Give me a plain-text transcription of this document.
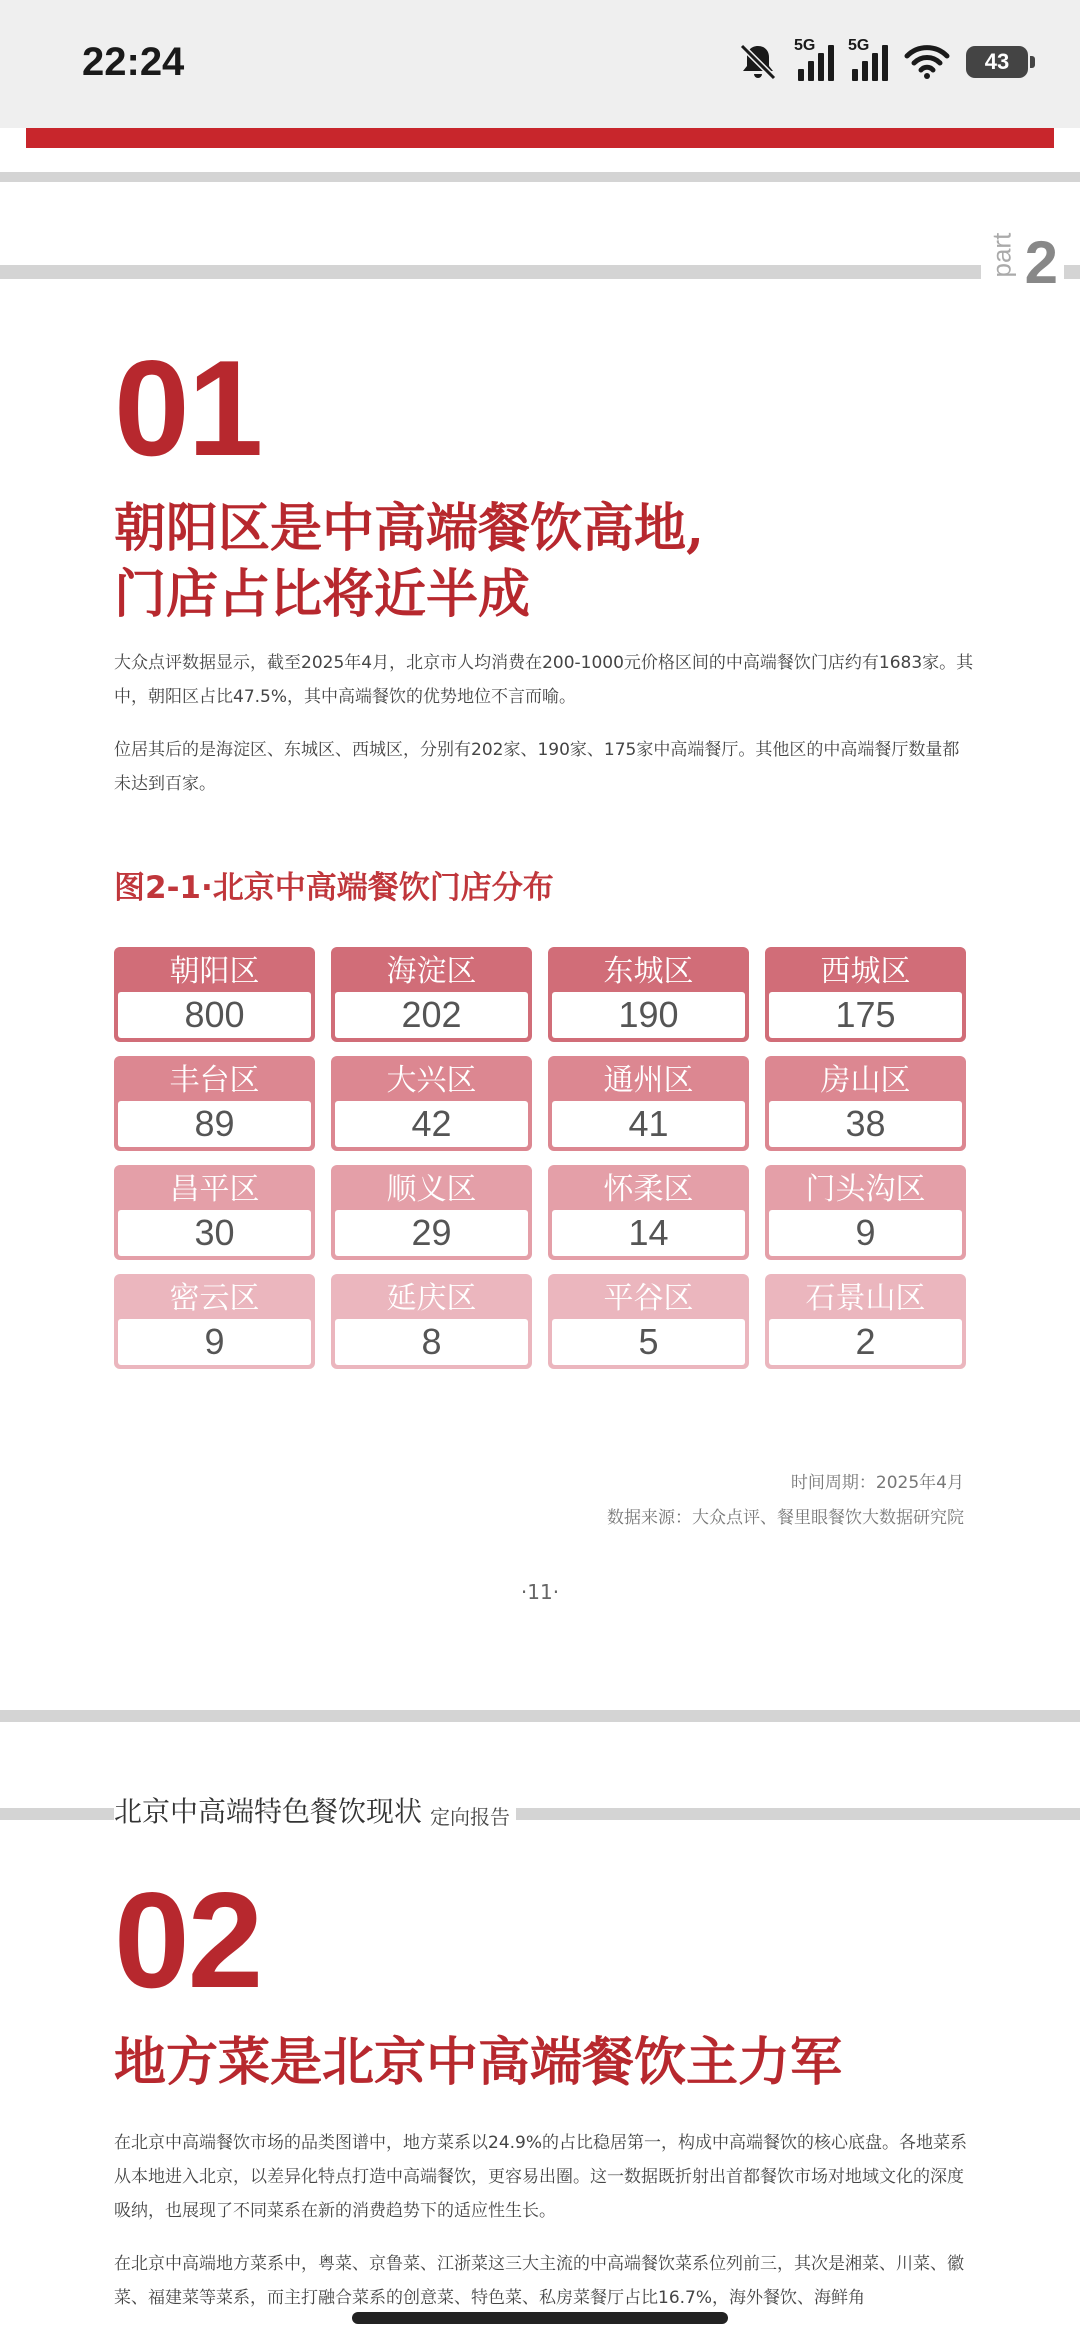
22:24	5G 5G
43
part 2
01
朝阳区是中高端餐饮高地,
门店占比将近半成
大众点评数据显示，截至2025年4月，北京市人均消费在200-1000元价格区间的中高端餐饮门店约有1683家。其中，朝阳区占比47.5%，其中高端餐饮的优势地位不言而喻。
位居其后的是海淀区、东城区、西城区，分别有202家、190家、175家中高端餐厅。其他区的中高端餐厅数量都未达到百家。
图2-1·北京中高端餐饮门店分布
朝阳区
800
海淀区
202
东城区
190
西城区
175
丰台区
89
大兴区
42
通州区
41
房山区
38
昌平区
30
顺义区
29
怀柔区
14
门头沟区
9
密云区
9
延庆区
8
平谷区
5
石景山区
2
时间周期：2025年4月
数据来源：大众点评、餐里眼餐饮大数据研究院
·11·
北京中高端特色餐饮现状 定向报告
02
地方菜是北京中高端餐饮主力军
在北京中高端餐饮市场的品类图谱中，地方菜系以24.9%的占比稳居第一，构成中高端餐饮的核心底盘。各地菜系从本地进入北京，以差异化特点打造中高端餐饮，更容易出圈。这一数据既折射出首都餐饮市场对地域文化的深度吸纳，也展现了不同菜系在新的消费趋势下的适应性生长。
在北京中高端地方菜系中，粤菜、京鲁菜、江浙菜这三大主流的中高端餐饮菜系位列前三，其次是湘菜、川菜、徽菜、福建菜等菜系，而主打融合菜系的创意菜、特色菜、私房菜餐厅占比16.7%，海外餐饮、海鲜角
